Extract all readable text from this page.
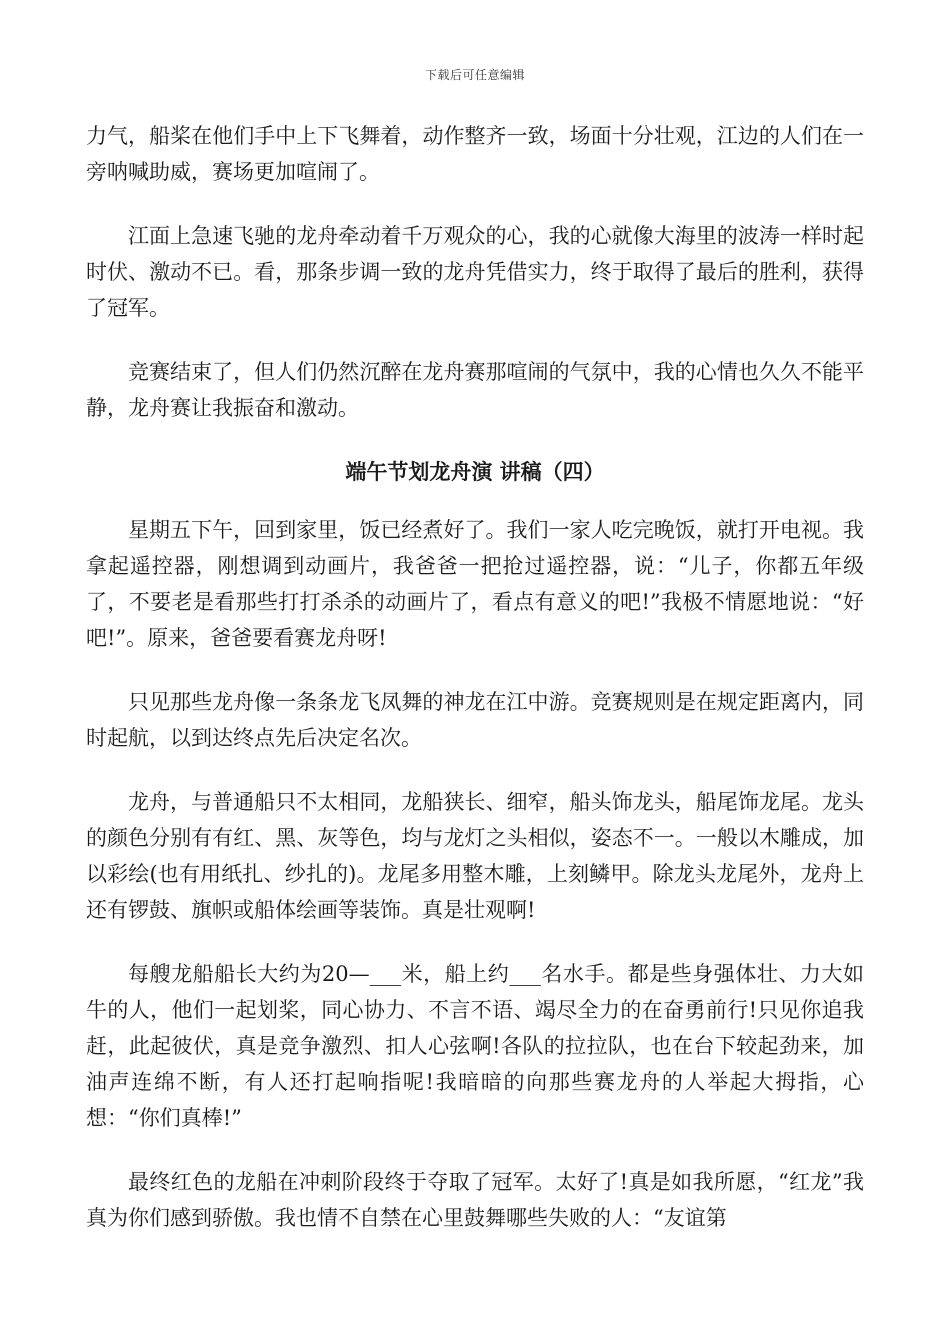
下载后可任意编辑

力气，船桨在他们手中上下飞舞着，动作整齐一致，场面十分壮观，江边的人们在一旁呐喊助威，赛场更加喧闹了。

江面上急速飞驰的龙舟牵动着千万观众的心，我的心就像大海里的波涛一样时起时伏、激动不已。看，那条步调一致的龙舟凭借实力，终于取得了最后的胜利，获得了冠军。

竞赛结束了，但人们仍然沉醉在龙舟赛那喧闹的气氛中，我的心情也久久不能平静，龙舟赛让我振奋和激动。

端午节划龙舟演 讲稿（四）

星期五下午，回到家里，饭已经煮好了。我们一家人吃完晚饭，就打开电视。我拿起遥控器，刚想调到动画片，我爸爸一把抢过遥控器，说：“儿子，你都五年级了，不要老是看那些打打杀杀的动画片了，看点有意义的吧!”我极不情愿地说：“好吧!”。原来，爸爸要看赛龙舟呀!

只见那些龙舟像一条条龙飞凤舞的神龙在江中游。竞赛规则是在规定距离内，同时起航，以到达终点先后决定名次。

龙舟，与普通船只不太相同，龙船狭长、细窄，船头饰龙头，船尾饰龙尾。龙头的颜色分别有有红、黑、灰等色，均与龙灯之头相似，姿态不一。一般以木雕成，加以彩绘(也有用纸扎、纱扎的)。龙尾多用整木雕，上刻鳞甲。除龙头龙尾外，龙舟上还有锣鼓、旗帜或船体绘画等装饰。真是壮观啊!

每艘龙船船长大约为20—___米，船上约___名水手。都是些身强体壮、力大如牛的人，他们一起划桨，同心协力、不言不语、竭尽全力的在奋勇前行!只见你追我赶，此起彼伏，真是竞争激烈、扣人心弦啊!各队的拉拉队，也在台下较起劲来，加油声连绵不断，有人还打起响指呢!我暗暗的向那些赛龙舟的人举起大拇指，心想：“你们真棒!”

最终红色的龙船在冲刺阶段终于夺取了冠军。太好了!真是如我所愿，“红龙”我真为你们感到骄傲。我也情不自禁在心里鼓舞哪些失败的人：“友谊第
